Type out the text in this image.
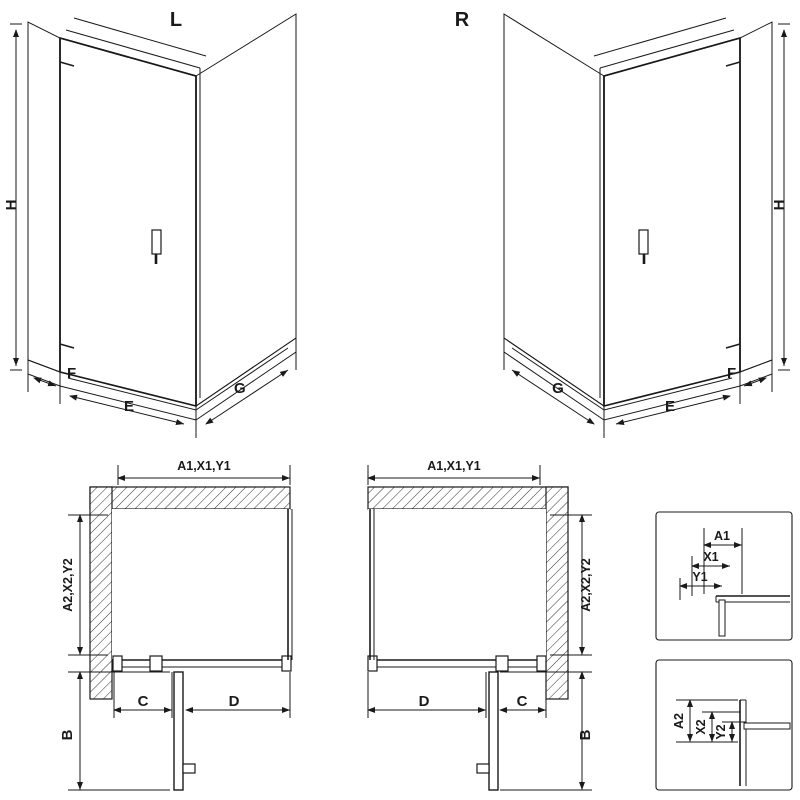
F
E
G
H
L
F
E
G
H
R
A1,X1,Y1
A2,X2,Y2
B
C	D
A1,X1,Y1
A2,X2,Y2
B
D	C
A1
X1
Y1
A2 X2 Y2
